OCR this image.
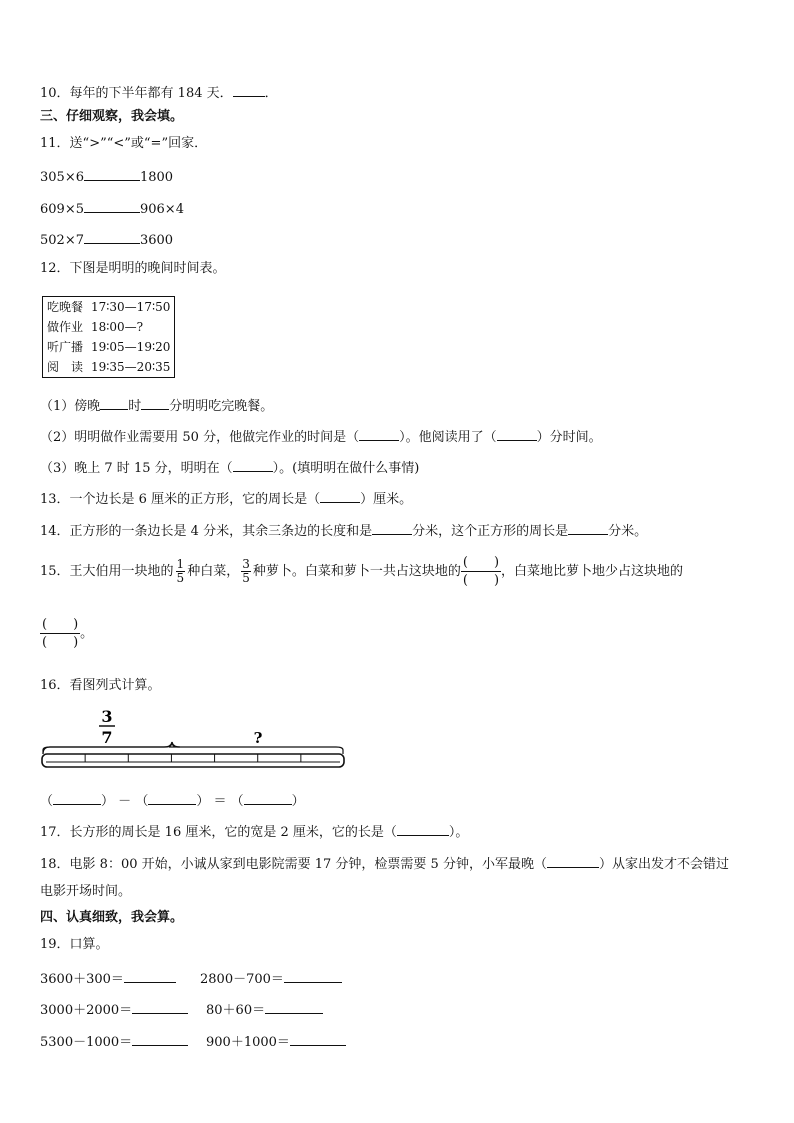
10．每年的下半年都有 184 天． ．
三、仔细观察，我会填。
11．送“>”“<”或“=”回家．
305×6	1800
609×5	906×4
502×7	3600
12．下图是明明的晚间时间表。
吃晚餐	17∶30—17∶50
做作业	18∶00—?
听广播	19∶05—19∶20
阅　读	19∶35—20∶35
（1）傍晚 时 分明明吃完晚餐。
（2）明明做作业需要用 50 分，他做完作业的时间是（	）。他阅读用了（	）分时间。
（3）晚上 7 时 15 分，明明在（	）。(填明明在做什么事情)
13．一个边长是 6 厘米的正方形，它的周长是（	）厘米。
14．正方形的一条边长是 4 分米，其余三条边的长度和是	分米，这个正方形的周长是	分米。
15．王大伯用一块地的 $\frac{1}{5}$ 种白菜， $\frac{3}{5}$ 种萝卜。白菜和萝卜一共占这块地的
(　　 )
(　　 )
，白菜地比萝卜地少占这块地的
(　　 )
(　　 )
。
16．看图列式计算。
3
7	?
（	） － （	） ＝ （	）
17．长方形的周长是 16 厘米，它的宽是 2 厘米，它的长是（	）。
18．电影 8：00 开始，小诚从家到电影院需要 17 分钟，检票需要 5 分钟，小军最晚（	）从家出发才不会错过
电影开场时间。
四、认真细致，我会算。
19．口算。
3600＋300＝	2800－700＝
3000＋2000＝	80＋60＝
5300－1000＝	900＋1000＝
